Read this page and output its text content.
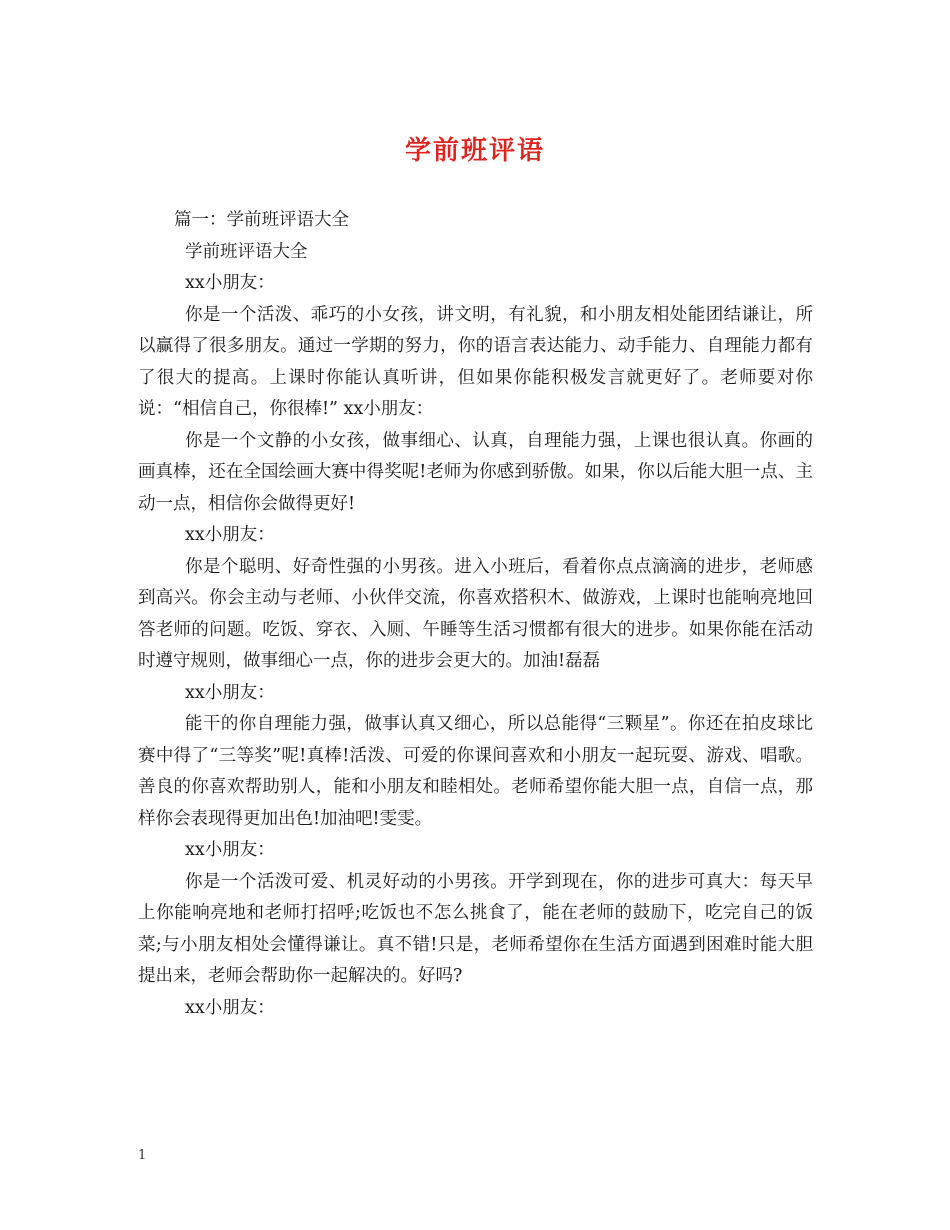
学前班评语

篇一：学前班评语大全

学前班评语大全

xx小朋友：

你是一个活泼、乖巧的小女孩，讲文明，有礼貌，和小朋友相处能团结谦让，所以赢得了很多朋友。通过一学期的努力，你的语言表达能力、动手能力、自理能力都有了很大的提高。上课时你能认真听讲，但如果你能积极发言就更好了。老师要对你说：“相信自己，你很棒!” xx小朋友：

你是一个文静的小女孩，做事细心、认真，自理能力强，上课也很认真。你画的画真棒，还在全国绘画大赛中得奖呢!老师为你感到骄傲。如果，你以后能大胆一点、主动一点，相信你会做得更好!

xx小朋友：

你是个聪明、好奇性强的小男孩。进入小班后，看着你点点滴滴的进步，老师感到高兴。你会主动与老师、小伙伴交流，你喜欢搭积木、做游戏，上课时也能响亮地回答老师的问题。吃饭、穿衣、入厕、午睡等生活习惯都有很大的进步。如果你能在活动时遵守规则，做事细心一点，你的进步会更大的。加油!磊磊

xx小朋友：

能干的你自理能力强，做事认真又细心，所以总能得“三颗星”。你还在拍皮球比赛中得了“三等奖”呢!真棒!活泼、可爱的你课间喜欢和小朋友一起玩耍、游戏、唱歌。善良的你喜欢帮助别人，能和小朋友和睦相处。老师希望你能大胆一点，自信一点，那样你会表现得更加出色!加油吧!雯雯。

xx小朋友：

你是一个活泼可爱、机灵好动的小男孩。开学到现在，你的进步可真大：每天早上你能响亮地和老师打招呼;吃饭也不怎么挑食了，能在老师的鼓励下，吃完自己的饭菜;与小朋友相处会懂得谦让。真不错!只是，老师希望你在生活方面遇到困难时能大胆提出来，老师会帮助你一起解决的。好吗?

xx小朋友：

1
